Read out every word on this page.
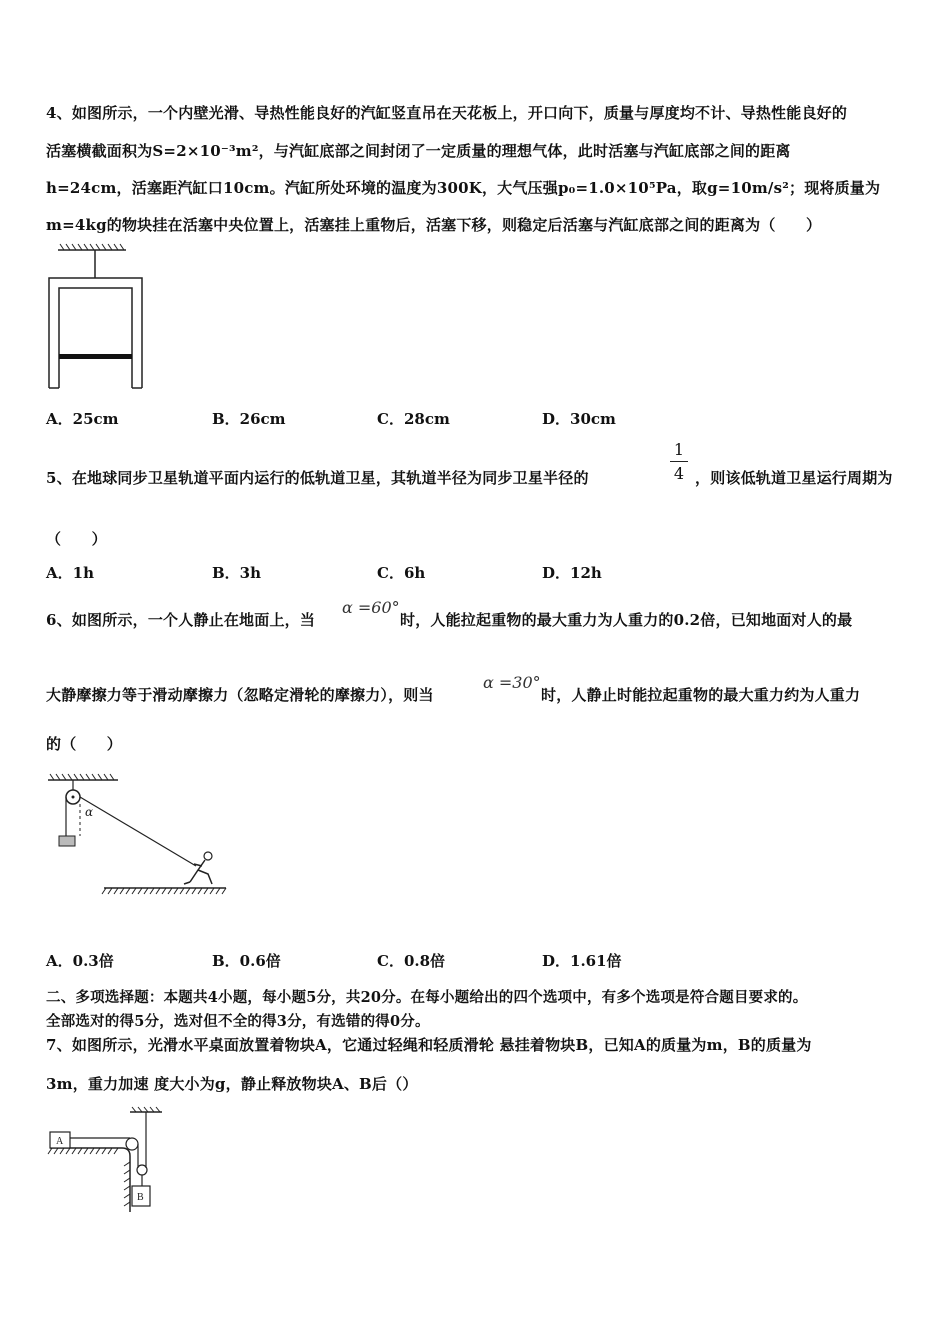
4、如图所示，一个内壁光滑、导热性能良好的汽缸竖直吊在天花板上，开口向下，质量与厚度均不计、导热性能良好的
活塞横截面积为S=2×10⁻³m²，与汽缸底部之间封闭了一定质量的理想气体，此时活塞与汽缸底部之间的距离
h=24cm，活塞距汽缸口10cm。汽缸所处环境的温度为300K，大气压强p₀=1.0×10⁵Pa，取g=10m/s²；现将质量为
m=4kg的物块挂在活塞中央位置上，活塞挂上重物后，活塞下移，则稳定后活塞与汽缸底部之间的距离为（　　）
A．25cm	B．26cm	C．28cm	D．30cm
5、在地球同步卫星轨道平面内运行的低轨道卫星，其轨道半径为同步卫星半径的
1
4 ，则该低轨道卫星运行周期为
（　　）
A．1h	B．3h	C．6h	D．12h
6、如图所示，一个人静止在地面上，当
α =60°
时，人能拉起重物的最大重力为人重力的0.2倍，已知地面对人的最
大静摩擦力等于滑动摩擦力（忽略定滑轮的摩擦力），则当
α =30°
时，人静止时能拉起重物的最大重力约为人重力
的（　　）
α
A．0.3倍	B．0.6倍	C．0.8倍	D．1.61倍
二、多项选择题：本题共4小题，每小题5分，共20分。在每小题给出的四个选项中，有多个选项是符合题目要求的。
全部选对的得5分，选对但不全的得3分，有选错的得0分。
7、如图所示，光滑水平桌面放置着物块A，它通过轻绳和轻质滑轮 悬挂着物块B，已知A的质量为m，B的质量为
3m，重力加速 度大小为g，静止释放物块A、B后（）
A
B
